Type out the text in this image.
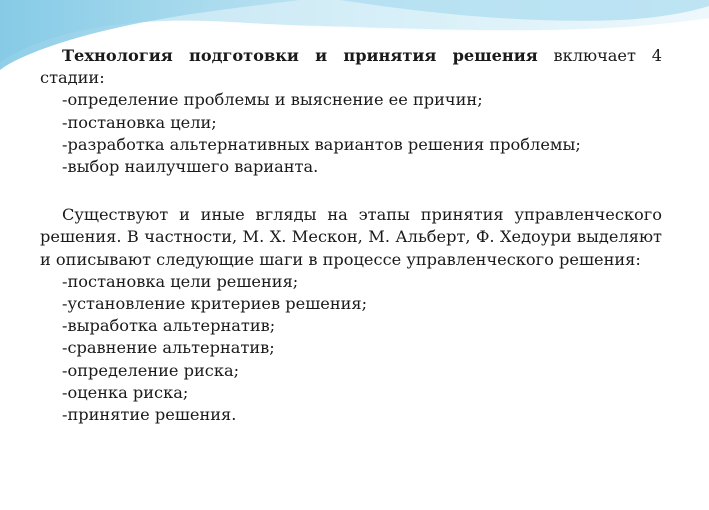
Технология подготовки и принятия решения включает 4 стадии:

-определение проблемы и выяснение ее причин;
-постановка цели;
-разработка альтернативных вариантов решения проблемы;
-выбор наилучшего варианта.

Существуют и иные вгляды на этапы принятия управленческого решения. В частности, М. Х. Мескон, М. Альберт, Ф. Хедоури выделяют и описывают следующие шаги в процессе управленческого решения:

-постановка цели решения;
-установление критериев решения;
-выработка альтернатив;
-сравнение альтернатив;
-определение риска;
-оценка риска;
-принятие решения.
